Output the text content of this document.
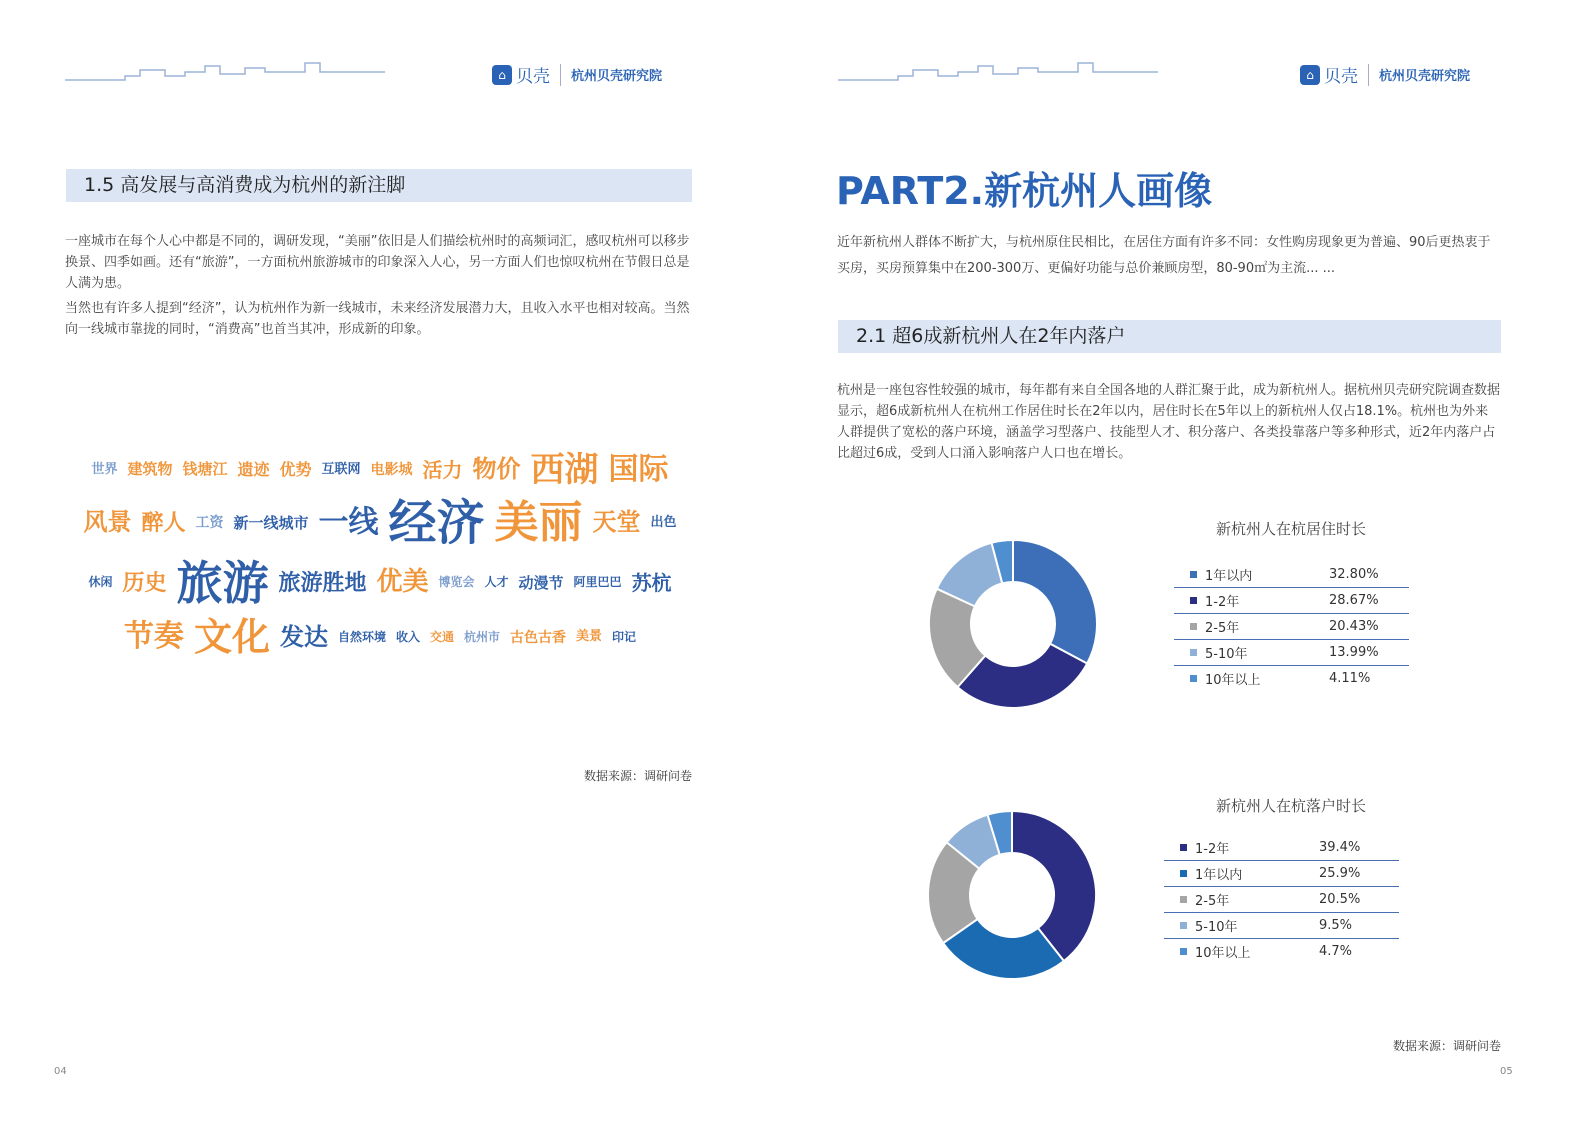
⌂ 贝壳 杭州贝壳研究院	⌂ 贝壳 杭州贝壳研究院
1.5 高发展与高消费成为杭州的新注脚

一座城市在每个人心中都是不同的，调研发现，“美丽”依旧是人们描绘杭州时的高频词汇，感叹杭州可以移步换景、四季如画。还有“旅游”，一方面杭州旅游城市的印象深入人心，另一方面人们也惊叹杭州在节假日总是人满为患。

当然也有许多人提到“经济”，认为杭州作为新一线城市，未来经济发展潜力大，且收入水平也相对较高。当然向一线城市靠拢的同时，“消费高”也首当其冲，形成新的印象。

世界 建筑物 钱塘江 遗迹 优势 互联网 电影城 活力 物价 西湖 国际
风景 醉人 工资 新一线城市 一线 经济 美丽 天堂 出色
休闲 历史 旅游 旅游胜地 优美 博览会 人才 动漫节 阿里巴巴 苏杭
节奏 文化 发达 自然环境 收入 交通 杭州市 古色古香 美景 印记
数据来源：调研问卷
04
PART2.新杭州人画像
近年新杭州人群体不断扩大，与杭州原住民相比，在居住方面有许多不同：女性购房现象更为普遍、90后更热衷于买房，买房预算集中在200-300万、更偏好功能与总价兼顾房型，80-90㎡为主流... ...
2.1 超6成新杭州人在2年内落户
杭州是一座包容性较强的城市，每年都有来自全国各地的人群汇聚于此，成为新杭州人。据杭州贝壳研究院调查数据显示，超6成新杭州人在杭州工作居住时长在2年以内，居住时长在5年以上的新杭州人仅占18.1%。杭州也为外来人群提供了宽松的落户环境，涵盖学习型落户、技能型人才、积分落户、各类投靠落户等多种形式，近2年内落户占比超过6成，受到人口涌入影响落户人口也在增长。
新杭州人在杭居住时长
1年以内	32.80%
1-2年	28.67%
2-5年	20.43%
5-10年	13.99%
10年以上	4.11%
新杭州人在杭落户时长
1-2年	39.4%
1年以内	25.9%
2-5年	20.5%
5-10年	9.5%
10年以上	4.7%
数据来源：调研问卷
05
